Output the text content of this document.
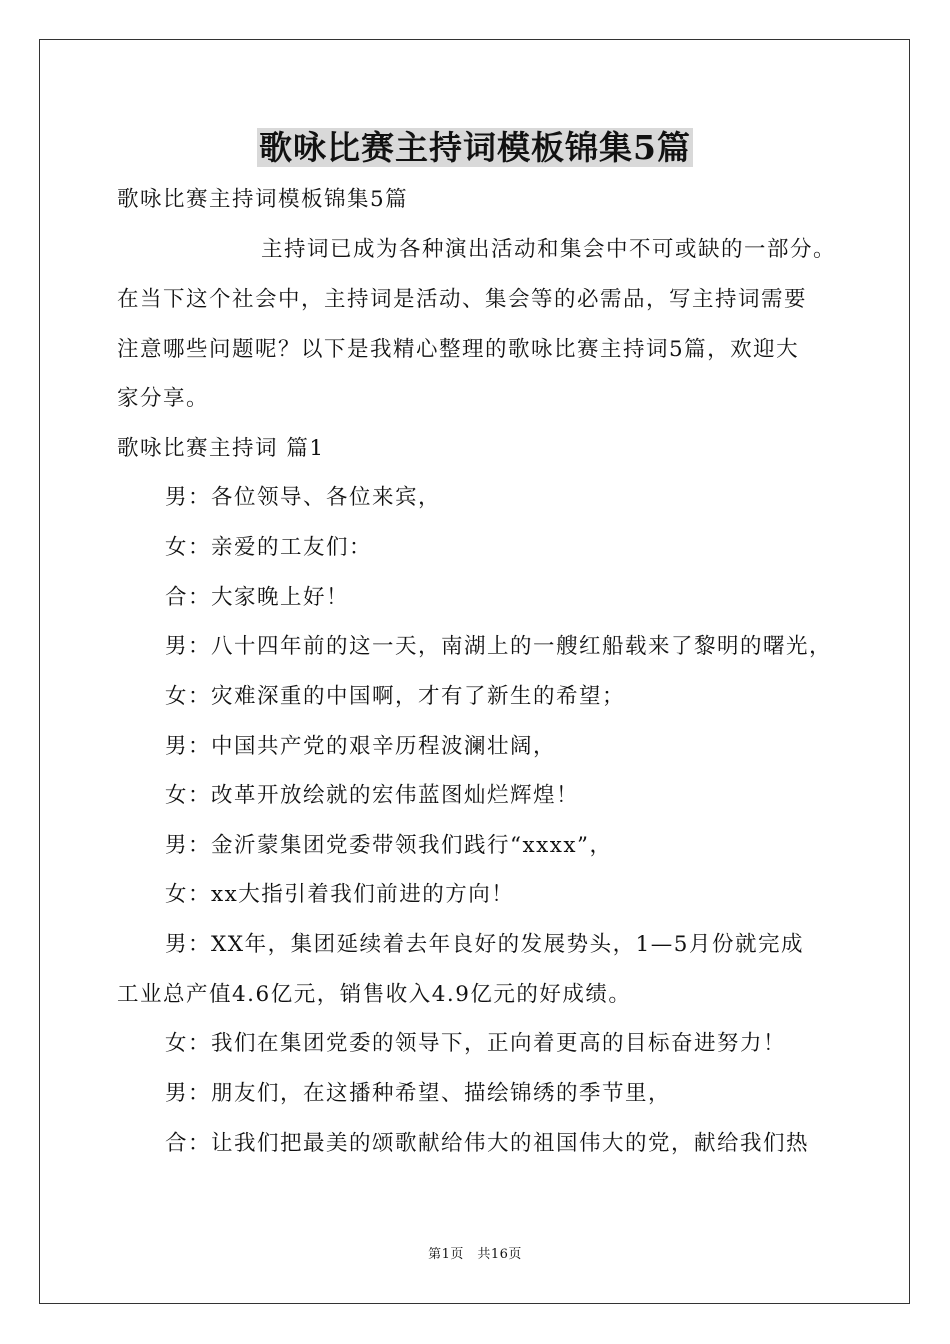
歌咏比赛主持词模板锦集5篇
歌咏比赛主持词模板锦集5篇
主持词已成为各种演出活动和集会中不可或缺的一部分。
在当下这个社会中，主持词是活动、集会等的必需品，写主持词需要
注意哪些问题呢？以下是我精心整理的歌咏比赛主持词5篇，欢迎大
家分享。
歌咏比赛主持词 篇1
男：各位领导、各位来宾，
女：亲爱的工友们：
合：大家晚上好！
男：八十四年前的这一天，南湖上的一艘红船载来了黎明的曙光，
女：灾难深重的中国啊，才有了新生的希望；
男：中国共产党的艰辛历程波澜壮阔，
女：改革开放绘就的宏伟蓝图灿烂辉煌！
男：金沂蒙集团党委带领我们践行“xxxx”，
女：xx大指引着我们前进的方向！
男：XX年，集团延续着去年良好的发展势头，1—5月份就完成
工业总产值4.6亿元，销售收入4.9亿元的好成绩。
女：我们在集团党委的领导下，正向着更高的目标奋进努力！
男：朋友们，在这播种希望、描绘锦绣的季节里，
合：让我们把最美的颂歌献给伟大的祖国伟大的党，献给我们热
第1页　共16页
